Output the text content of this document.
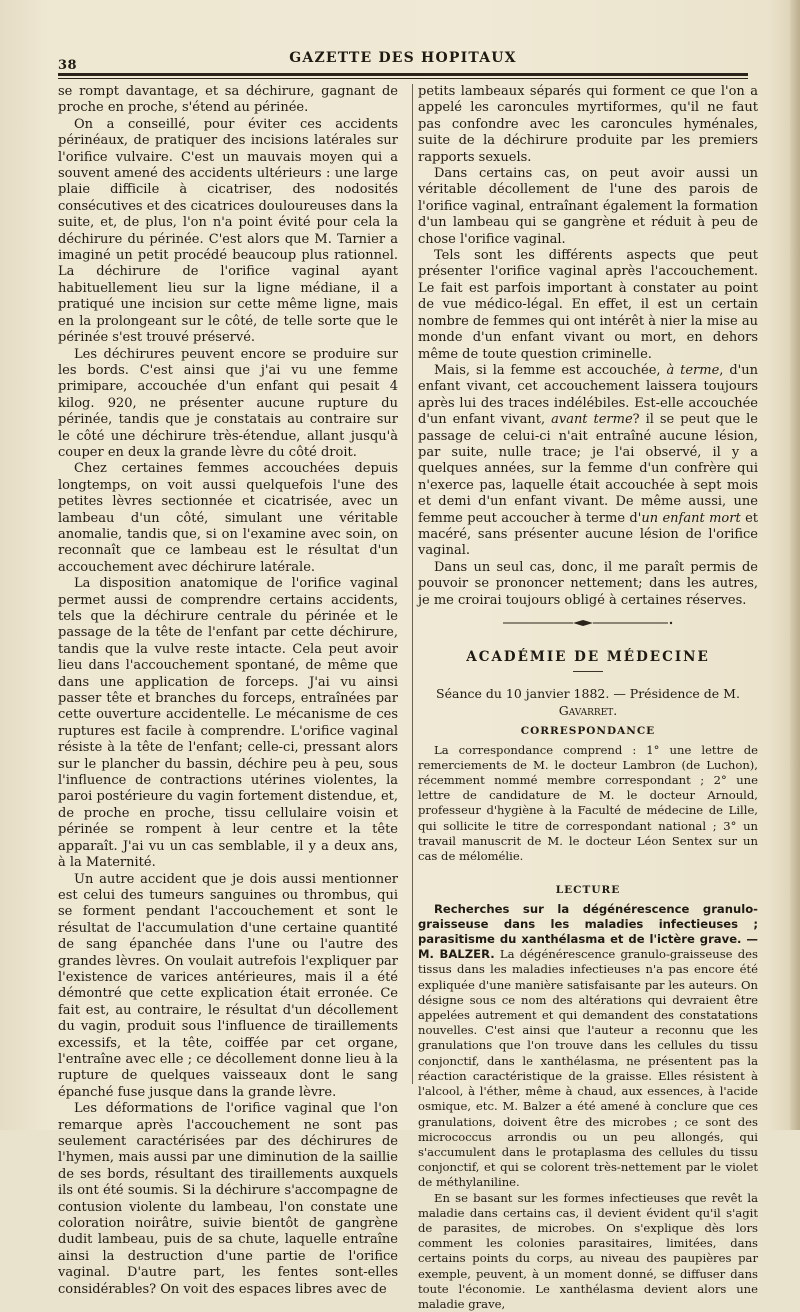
38	GAZETTE DES HOPITAUX

se rompt davantage, et sa déchirure, gagnant de proche en proche, s'étend au périnée.

On a conseillé, pour éviter ces accidents périnéaux, de pratiquer des incisions latérales sur l'orifice vulvaire. C'est un mauvais moyen qui a souvent amené des accidents ultérieurs : une large plaie difficile à cicatriser, des nodosités consécutives et des cicatrices douloureuses dans la suite, et, de plus, l'on n'a point évité pour cela la déchirure du périnée. C'est alors que M. Tarnier a imaginé un petit procédé beaucoup plus rationnel. La déchirure de l'orifice vaginal ayant habituellement lieu sur la ligne médiane, il a pratiqué une incision sur cette même ligne, mais en la prolongeant sur le côté, de telle sorte que le périnée s'est trouvé préservé.

Les déchirures peuvent encore se produire sur les bords. C'est ainsi que j'ai vu une femme primipare, accouchée d'un enfant qui pesait 4 kilog. 920, ne présenter aucune rupture du périnée, tandis que je constatais au contraire sur le côté une déchirure très-étendue, allant jusqu'à couper en deux la grande lèvre du côté droit.

Chez certaines femmes accouchées depuis longtemps, on voit aussi quelquefois l'une des petites lèvres sectionnée et cicatrisée, avec un lambeau d'un côté, simulant une véritable anomalie, tandis que, si on l'examine avec soin, on reconnaît que ce lambeau est le résultat d'un accouchement avec déchirure latérale.

La disposition anatomique de l'orifice vaginal permet aussi de comprendre certains accidents, tels que la déchirure centrale du périnée et le passage de la tête de l'enfant par cette déchirure, tandis que la vulve reste intacte. Cela peut avoir lieu dans l'accouchement spontané, de même que dans une application de forceps. J'ai vu ainsi passer tête et branches du forceps, entraînées par cette ouverture accidentelle. Le mécanisme de ces ruptures est facile à comprendre. L'orifice vaginal résiste à la tête de l'enfant; celle-ci, pressant alors sur le plancher du bassin, déchire peu à peu, sous l'influence de contractions utérines violentes, la paroi postérieure du vagin fortement distendue, et, de proche en proche, tissu cellulaire voisin et périnée se rompent à leur centre et la tête apparaît. J'ai vu un cas semblable, il y a deux ans, à la Maternité.

Un autre accident que je dois aussi mentionner est celui des tumeurs sanguines ou thrombus, qui se forment pendant l'accouchement et sont le résultat de l'accumulation d'une certaine quantité de sang épanchée dans l'une ou l'autre des grandes lèvres. On voulait autrefois l'expliquer par l'existence de varices antérieures, mais il a été démontré que cette explication était erronée. Ce fait est, au contraire, le résultat d'un décollement du vagin, produit sous l'influence de tiraillements excessifs, et la tête, coiffée par cet organe, l'entraîne avec elle ; ce décollement donne lieu à la rupture de quelques vaisseaux dont le sang épanché fuse jusque dans la grande lèvre.

Les déformations de l'orifice vaginal que l'on remarque après l'accouchement ne sont pas seulement caractérisées par des déchirures de l'hymen, mais aussi par une diminution de la saillie de ses bords, résultant des tiraillements auxquels ils ont été soumis. Si la déchirure s'accompagne de contusion violente du lambeau, l'on constate une coloration noirâtre, suivie bientôt de gangrène dudit lambeau, puis de sa chute, laquelle entraîne ainsi la destruction d'une partie de l'orifice vaginal. D'autre part, les fentes sont-elles considérables? On voit des espaces libres avec de

petits lambeaux séparés qui forment ce que l'on a appelé les caroncules myrtiformes, qu'il ne faut pas confondre avec les caroncules hyménales, suite de la déchirure produite par les premiers rapports sexuels.

Dans certains cas, on peut avoir aussi un véritable décollement de l'une des parois de l'orifice vaginal, entraînant également la formation d'un lambeau qui se gangrène et réduit à peu de chose l'orifice vaginal.

Tels sont les différents aspects que peut présenter l'orifice vaginal après l'accouchement. Le fait est parfois important à constater au point de vue médico-légal. En effet, il est un certain nombre de femmes qui ont intérêt à nier la mise au monde d'un enfant vivant ou mort, en dehors même de toute question criminelle.

Mais, si la femme est accouchée, à terme, d'un enfant vivant, cet accouchement laissera toujours après lui des traces indélébiles. Est-elle accouchée d'un enfant vivant, avant terme? il se peut que le passage de celui-ci n'ait entraîné aucune lésion, par suite, nulle trace; je l'ai observé, il y a quelques années, sur la femme d'un confrère qui n'exerce pas, laquelle était accouchée à sept mois et demi d'un enfant vivant. De même aussi, une femme peut accoucher à terme d'un enfant mort et macéré, sans présenter aucune lésion de l'orifice vaginal.

Dans un seul cas, donc, il me paraît permis de pouvoir se prononcer nettement; dans les autres, je me croirai toujours obligé à certaines réserves.

ACADÉMIE DE MÉDECINE
Séance du 10 janvier 1882. — Présidence de M. Gavarret.
CORRESPONDANCE

La correspondance comprend : 1° une lettre de remerciements de M. le docteur Lambron (de Luchon), récemment nommé membre correspondant ; 2° une lettre de candidature de M. le docteur Arnould, professeur d'hygiène à la Faculté de médecine de Lille, qui sollicite le titre de correspondant national ; 3° un travail manuscrit de M. le docteur Léon Sentex sur un cas de mélomélie.

LECTURE

Recherches sur la dégénérescence granulo-graisseuse dans les maladies infectieuses ; parasitisme du xanthélasma et de l'ictère grave. — M. BALZER. La dégénérescence granulo-graisseuse des tissus dans les maladies infectieuses n'a pas encore été expliquée d'une manière satisfaisante par les auteurs. On désigne sous ce nom des altérations qui devraient être appelées autrement et qui demandent des constatations nouvelles. C'est ainsi que l'auteur a reconnu que les granulations que l'on trouve dans les cellules du tissu conjonctif, dans le xanthélasma, ne présentent pas la réaction caractéristique de la graisse. Elles résistent à l'alcool, à l'éther, même à chaud, aux essences, à l'acide osmique, etc. M. Balzer a été amené à conclure que ces granulations, doivent être des microbes ; ce sont des micrococcus arrondis ou un peu allongés, qui s'accumulent dans le protaplasma des cellules du tissu conjonctif, et qui se colorent très-nettement par le violet de méthylaniline.

En se basant sur les formes infectieuses que revêt la maladie dans certains cas, il devient évident qu'il s'agit de parasites, de microbes. On s'explique dès lors comment les colonies parasitaires, limitées, dans certains points du corps, au niveau des paupières par exemple, peuvent, à un moment donné, se diffuser dans toute l'économie. Le xanthélasma devient alors une maladie grave,
